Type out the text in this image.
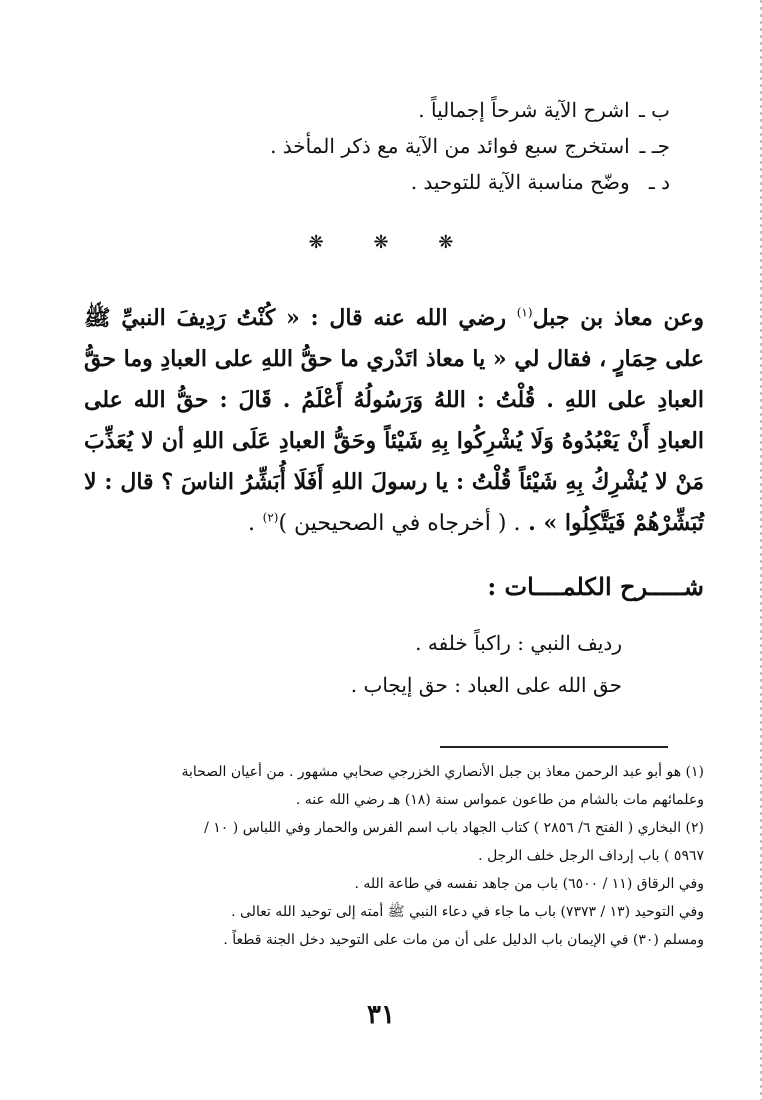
ب ـ اشرح الآية شرحاً إجمالياً .
جـ ـ استخرج سبع فوائد من الآية مع ذكر المأخذ .
د ـ وضّح مناسبة الآية للتوحيد .
❋ ❋ ❋
وعن معاذ بن جبل$^{(١)}$ رضي الله عنه قال : « كُنْتُ رَدِيفَ النبيِّ ﷺ على حِمَارٍ ، فقال لي « يا معاذ اتَدْري ما حقُّ اللهِ على العبادِ وما حقُّ العبادِ على اللهِ . قُلْتُ : اللهُ وَرَسُولُهُ أَعْلَمُ . قَالَ : حقُّ الله على العبادِ أَنْ يَعْبُدُوهُ وَلَا يُشْرِكُوا بِهِ شَيْئاً وحَقُّ العبادِ عَلَى اللهِ أن لا يُعَذِّبَ مَنْ لا يُشْرِكُ بِهِ شَيْئاً قُلْتُ : يا رسولَ اللهِ أَفَلَا أُبَشِّرُ الناسَ ؟ قال : لا تُبَشِّرْهُمْ فَيَتَّكِلُوا » . . ( أخرجاه في الصحيحين )$^{(٢)}$ .
شـــــرح الكلمــــات :
رديف النبي : راكباً خلفه .
حق الله على العباد : حق إيجاب .
(١) هو أبو عبد الرحمن معاذ بن جبل الأنصاري الخزرجي صحابي مشهور . من أعيان الصحابة
وعلمائهم مات بالشام من طاعون عمواس سنة (١٨) هـ رضي الله عنه .
(٢) البخاري ( الفتح ٦/ ٢٨٥٦ ) كتاب الجهاد باب اسم الفرس والحمار وفي اللباس ( ١٠ /
٥٩٦٧ ) باب إرداف الرجل خلف الرجل .
وفي الرقاق (١١ / ٦٥٠٠) باب من جاهد نفسه في طاعة الله .
وفي التوحيد (١٣ / ٧٣٧٣) باب ما جاء في دعاء النبي ﷺ أمته إلى توحيد الله تعالى .
ومسلم (٣٠) في الإيمان باب الدليل على أن من مات على التوحيد دخل الجنة قطعاً .
٣١
